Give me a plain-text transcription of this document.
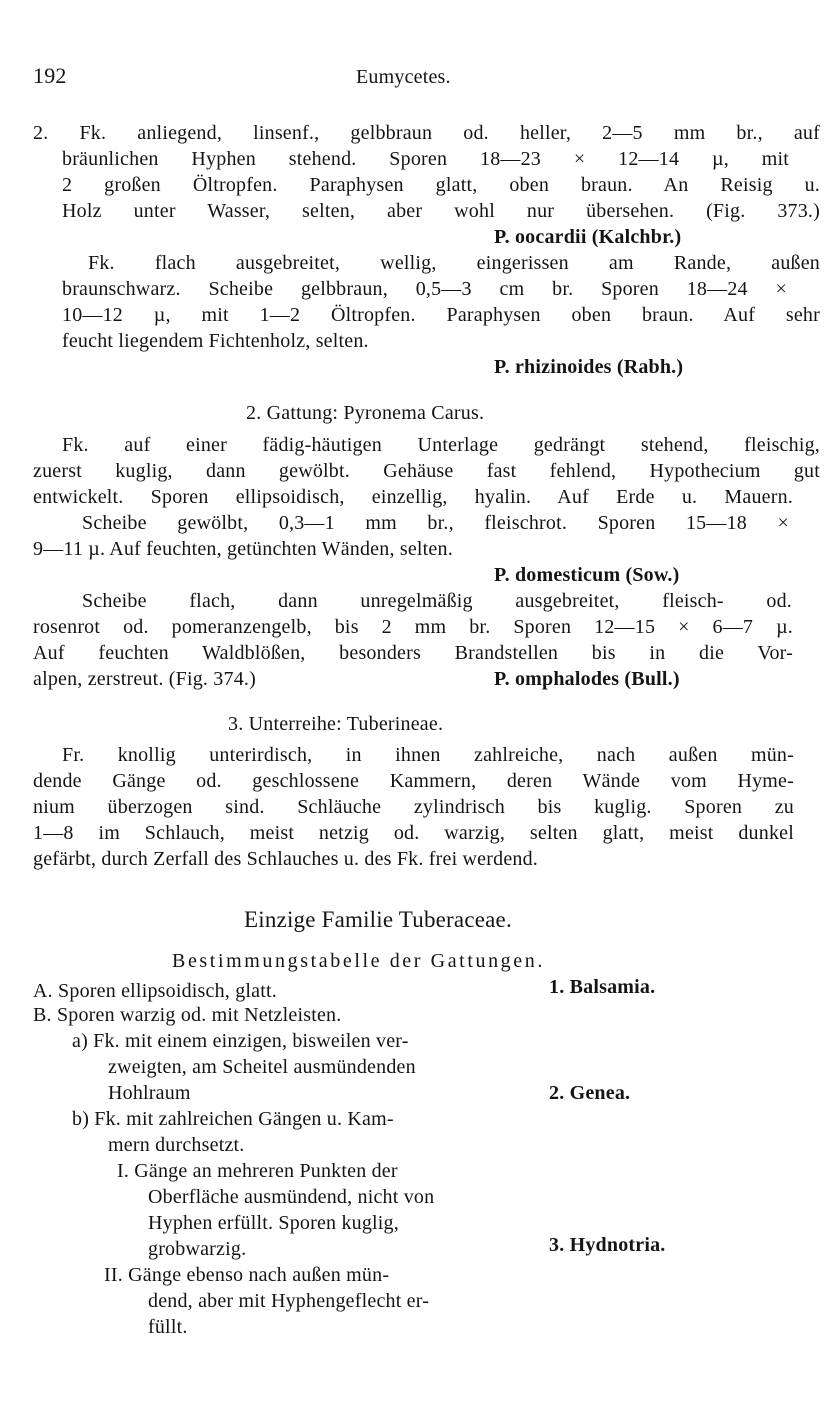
192	Eumycetes.
2. Fk. anliegend, linsenf., gelbbraun od. heller, 2—5 mm br., auf
bräunlichen Hyphen stehend. Sporen 18—23 × 12—14 µ, mit
2 großen Öltropfen. Paraphysen glatt, oben braun. An Reisig u.
Holz unter Wasser, selten, aber wohl nur übersehen. (Fig. 373.)
P. oocardii (Kalchbr.)
Fk. flach ausgebreitet, wellig, eingerissen am Rande, außen
braunschwarz. Scheibe gelbbraun, 0,5—3 cm br. Sporen 18—24 ×
10—12 µ, mit 1—2 Öltropfen. Paraphysen oben braun. Auf sehr
feucht liegendem Fichtenholz, selten.
P. rhizinoides (Rabh.)
2. Gattung: Pyronema Carus.
Fk. auf einer fädig-häutigen Unterlage gedrängt stehend, fleischig,
zuerst kuglig, dann gewölbt. Gehäuse fast fehlend, Hypothecium gut
entwickelt. Sporen ellipsoidisch, einzellig, hyalin. Auf Erde u. Mauern.
Scheibe gewölbt, 0,3—1 mm br., fleischrot. Sporen 15—18 ×
9—11 µ. Auf feuchten, getünchten Wänden, selten.
P. domesticum (Sow.)
Scheibe flach, dann unregelmäßig ausgebreitet, fleisch- od.
rosenrot od. pomeranzengelb, bis 2 mm br. Sporen 12—15 × 6—7 µ.
Auf feuchten Waldblößen, besonders Brandstellen bis in die Vor-
alpen, zerstreut. (Fig. 374.)	P. omphalodes (Bull.)
3. Unterreihe: Tuberineae.
Fr. knollig unterirdisch, in ihnen zahlreiche, nach außen mün-
dende Gänge od. geschlossene Kammern, deren Wände vom Hyme-
nium überzogen sind. Schläuche zylindrisch bis kuglig. Sporen zu
1—8 im Schlauch, meist netzig od. warzig, selten glatt, meist dunkel
gefärbt, durch Zerfall des Schlauches u. des Fk. frei werdend.
Einzige Familie Tuberaceae.
Bestimmungstabelle der Gattungen.
A. Sporen ellipsoidisch, glatt.	1. Balsamia.
B. Sporen warzig od. mit Netzleisten.
a) Fk. mit einem einzigen, bisweilen ver-
zweigten, am Scheitel ausmündenden
Hohlraum	2. Genea.
b) Fk. mit zahlreichen Gängen u. Kam-
mern durchsetzt.
I. Gänge an mehreren Punkten der
Oberfläche ausmündend, nicht von
Hyphen erfüllt. Sporen kuglig,
grobwarzig.	3. Hydnotria.
II. Gänge ebenso nach außen mün-
dend, aber mit Hyphengeflecht er-
füllt.
